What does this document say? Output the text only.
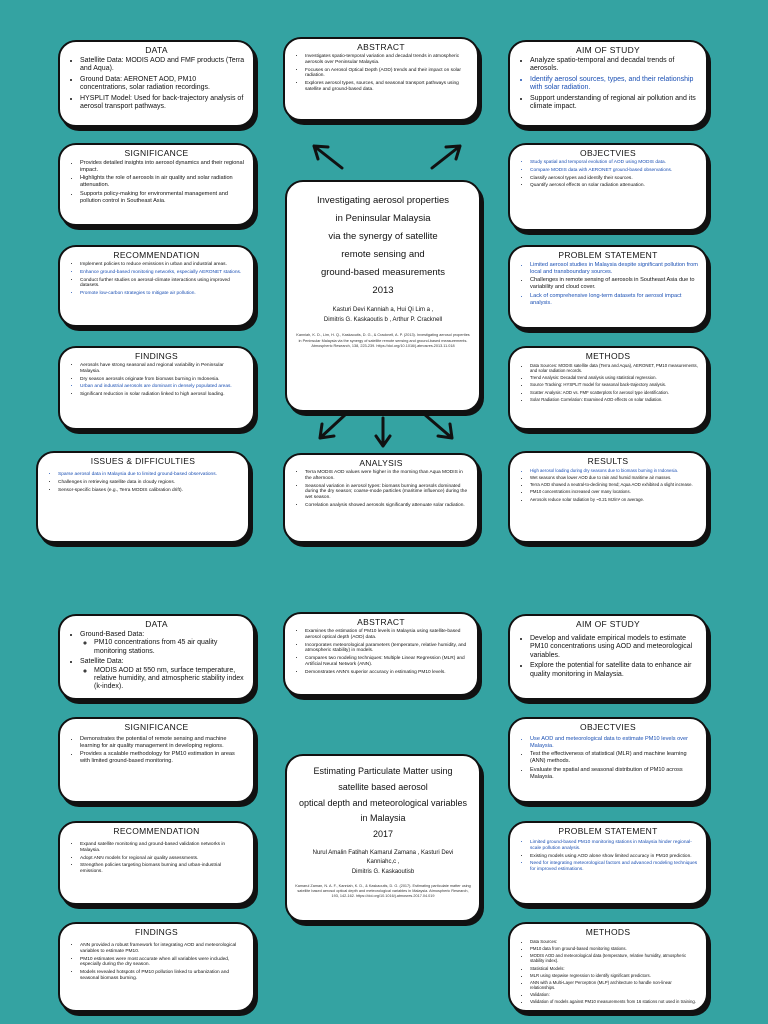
DATA
• Satellite Data: MODIS AOD and FMF products (Terra and Aqua).
• Ground Data: AERONET AOD, PM10 concentrations, solar radiation recordings.
• HYSPLIT Model: Used for back-trajectory analysis of aerosol transport pathways.
ABSTRACT
• Investigates spatio-temporal variation and decadal trends in atmospheric aerosols over Peninsular Malaysia.
• Focuses on Aerosol Optical Depth (AOD) trends and their impact on solar radiation.
• Explores aerosol types, sources, and seasonal transport pathways using satellite and ground-based data.
AIM OF STUDY
• Analyze spatio-temporal and decadal trends of aerosols.
• Identify aerosol sources, types, and their relationship with solar radiation.
• Support understanding of regional air pollution and its climate impact.
SIGNIFICANCE
• Provides detailed insights into aerosol dynamics and their regional impact.
• Highlights the role of aerosols in air quality and solar radiation attenuation.
• Supports policy-making for environmental management and pollution control in Southeast Asia.
OBJECTVIES
• Study spatial and temporal evolution of AOD using MODIS data.
• Compare MODIS data with AERONET ground-based observations.
• Classify aerosol types and identify their sources.
• Quantify aerosol effects on solar radiation attenuation.
RECOMMENDATION
• Implement policies to reduce emissions in urban and industrial areas.
• Enhance ground-based monitoring networks, especially AERONET stations.
• Conduct further studies on aerosol-climate interactions using improved datasets.
• Promote low-carbon strategies to mitigate air pollution.
PROBLEM STATEMENT
• Limited aerosol studies in Malaysia despite significant pollution from local and transboundary sources.
• Challenges in remote sensing of aerosols in Southeast Asia due to variability and cloud cover.
• Lack of comprehensive long-term datasets for aerosol impact analysis.
FINDINGS
• Aerosols have strong seasonal and regional variability in Peninsular Malaysia.
• Dry season aerosols originate from biomass burning in Indonesia.
• Urban and industrial aerosols are dominant in densely populated areas.
• Significant reduction in solar radiation linked to high aerosol loading.
METHODS
• Data Sources: MODIS satellite data (Terra and Aqua), AERONET, PM10 measurements, and solar radiation records.
• Trend Analysis: Decadal trend analysis using statistical regression.
• Source Tracking: HYSPLIT model for seasonal back-trajectory analysis.
• Scatter Analysis: AOD vs. FMF scatterplots for aerosol type identification.
• Solar Radiation Correlation: Examined AOD effects on solar radiation.
ISSUES & DIFFICULTIES
• Sparse aerosol data in Malaysia due to limited ground-based observations.
• Challenges in retrieving satellite data in cloudy regions.
• Sensor-specific biases (e.g., Terra MODIS calibration drift).
ANALYSIS
• Terra MODIS AOD values were higher in the morning than Aqua MODIS in the afternoon.
• Seasonal variation in aerosol types: biomass burning aerosols dominated during the dry season; coarse-mode particles (maritime influence) during the wet season.
• Correlation analysis showed aerosols significantly attenuate solar radiation.
RESULTS
• High aerosol loading during dry seasons due to biomass burning in Indonesia.
• Wet seasons show lower AOD due to rain and humid maritime air masses.
• Terra AOD showed a neutral-to-declining trend; Aqua AOD exhibited a slight increase.
• PM10 concentrations increased over many locations.
• Aerosols reduce solar radiation by ~0.21 MJ/m² on average.
Investigating aerosol properties
in Peninsular Malaysia
via the synergy of satellite
remote sensing and
ground-based measurements
2013
Kasturi Devi Kanniah a, Hui Qi Lim a ,
Dimitris G. Kaskaoutis b , Arthur P. Cracknell
Kanniah, K. D., Lim, H. Q., Kaskaoutis, D. G., & Cracknell, A. P. (2013). Investigating aerosol properties in Peninsular Malaysia via the synergy of satellite remote sensing and ground-based measurements. Atmospheric Research, 138, 223-239. https://doi.org/10.1016/j.atmosres.2013.11.018
DATA
• Ground-Based Data:
◦ PM10 concentrations from 45 air quality monitoring stations.
• Satellite Data:
◦ MODIS AOD at 550 nm, surface temperature, relative humidity, and atmospheric stability index (k-index).
ABSTRACT
• Examines the estimation of PM10 levels in Malaysia using satellite-based aerosol optical depth (AOD) data.
• Incorporates meteorological parameters (temperature, relative humidity, and atmospheric stability) in models.
• Compares two modeling techniques: Multiple Linear Regression (MLR) and Artificial Neural Network (ANN).
• Demonstrates ANN's superior accuracy in estimating PM10 levels.
AIM OF STUDY
• Develop and validate empirical models to estimate PM10 concentrations using AOD and meteorological variables.
• Explore the potential for satellite data to enhance air quality monitoring in Malaysia.
SIGNIFICANCE
• Demonstrates the potential of remote sensing and machine learning for air quality management in developing regions.
• Provides a scalable methodology for PM10 estimation in areas with limited ground-based monitoring.
OBJECTVIES
• Use AOD and meteorological data to estimate PM10 levels over Malaysia.
• Test the effectiveness of statistical (MLR) and machine learning (ANN) methods.
• Evaluate the spatial and seasonal distribution of PM10 across Malaysia.
RECOMMENDATION
• Expand satellite monitoring and ground-based validation networks in Malaysia.
• Adopt ANN models for regional air quality assessments.
• Strengthen policies targeting biomass burning and urban-industrial emissions.
PROBLEM STATEMENT
• Limited ground-based PM10 monitoring stations in Malaysia hinder regional-scale pollution analysis.
• Existing models using AOD alone show limited accuracy in PM10 prediction.
• Need for integrating meteorological factors and advanced modeling techniques for improved estimations.
FINDINGS
• ANN provided a robust framework for integrating AOD and meteorological variables to estimate PM10.
• PM10 estimates were most accurate when all variables were included, especially during the dry season.
• Models revealed hotspots of PM10 pollution linked to urbanization and seasonal biomass burning.
METHODS
• Data Sources:
• PM10 data from ground-based monitoring stations.
• MODIS AOD and meteorological data (temperature, relative humidity, atmospheric stability index).
• Statistical Models:
• MLR using stepwise regression to identify significant predictors.
• ANN with a Multi-Layer Perceptron (MLP) architecture to handle non-linear relationships.
• Validation:
• Validation of models against PM10 measurements from 16 stations not used in training.
Estimating Particulate Matter using
satellite based aerosol
optical depth and meteorological variables
in Malaysia
2017
Nurul Amalin Fatihah Kamarul Zamana , Kasturi Devi
Kanniahc,c ,
Dimitris G. Kaskaoutisb
Kamarul Zaman, N. A. F., Kanniah, K. D., & Kaskaoutis, D. G. (2017). Estimating particulate matter using satellite based aerosol optical depth and meteorological variables in Malaysia. Atmospheric Research, 193, 142-162. https://doi.org/10.1016/j.atmosres.2017.04.019
